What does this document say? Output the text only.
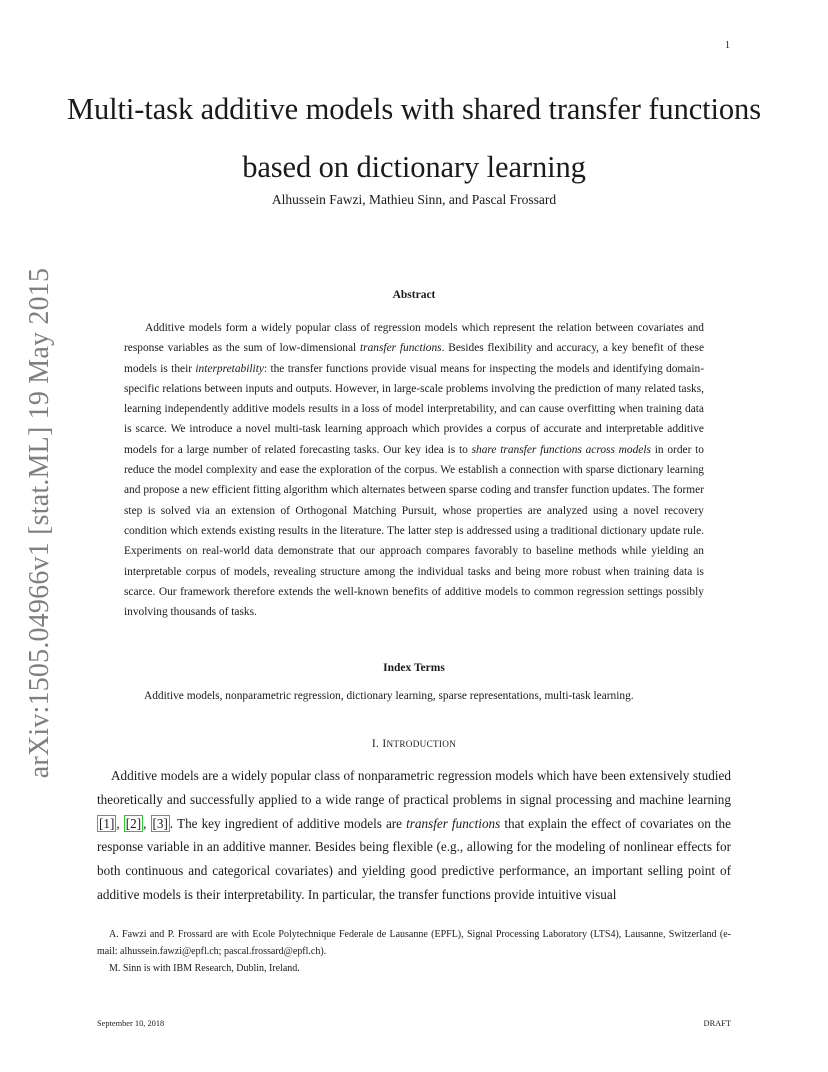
1
Multi-task additive models with shared transfer functions based on dictionary learning
Alhussein Fawzi, Mathieu Sinn, and Pascal Frossard
arXiv:1505.04966v1 [stat.ML] 19 May 2015	Abstract
Additive models form a widely popular class of regression models which represent the relation between covariates and response variables as the sum of low-dimensional transfer functions. Besides flexibility and accuracy, a key benefit of these models is their interpretability: the transfer functions provide visual means for inspecting the models and identifying domain-specific relations between inputs and outputs. However, in large-scale problems involving the prediction of many related tasks, learning independently additive models results in a loss of model interpretability, and can cause overfitting when training data is scarce. We introduce a novel multi-task learning approach which provides a corpus of accurate and interpretable additive models for a large number of related forecasting tasks. Our key idea is to share transfer functions across models in order to reduce the model complexity and ease the exploration of the corpus. We establish a connection with sparse dictionary learning and propose a new efficient fitting algorithm which alternates between sparse coding and transfer function updates. The former step is solved via an extension of Orthogonal Matching Pursuit, whose properties are analyzed using a novel recovery condition which extends existing results in the literature. The latter step is addressed using a traditional dictionary update rule. Experiments on real-world data demonstrate that our approach compares favorably to baseline methods while yielding an interpretable corpus of models, revealing structure among the individual tasks and being more robust when training data is scarce. Our framework therefore extends the well-known benefits of additive models to common regression settings possibly involving thousands of tasks.
Index Terms
Additive models, nonparametric regression, dictionary learning, sparse representations, multi-task learning.
I. INTRODUCTION
Additive models are a widely popular class of nonparametric regression models which have been extensively studied theoretically and successfully applied to a wide range of practical problems in signal processing and machine learning [1] , [2] , [3] . The key ingredient of additive models are transfer functions that explain the effect of covariates on the response variable in an additive manner. Besides being flexible (e.g., allowing for the modeling of nonlinear effects for both continuous and categorical covariates) and yielding good predictive performance, an important selling point of additive models is their interpretability. In particular, the transfer functions provide intuitive visual

A. Fawzi and P. Frossard are with Ecole Polytechnique Federale de Lausanne (EPFL), Signal Processing Laboratory (LTS4), Lausanne, Switzerland (e-mail: alhussein.fawzi@epfl.ch; pascal.frossard@epfl.ch).

M. Sinn is with IBM Research, Dublin, Ireland.

September 10, 2018	DRAFT
